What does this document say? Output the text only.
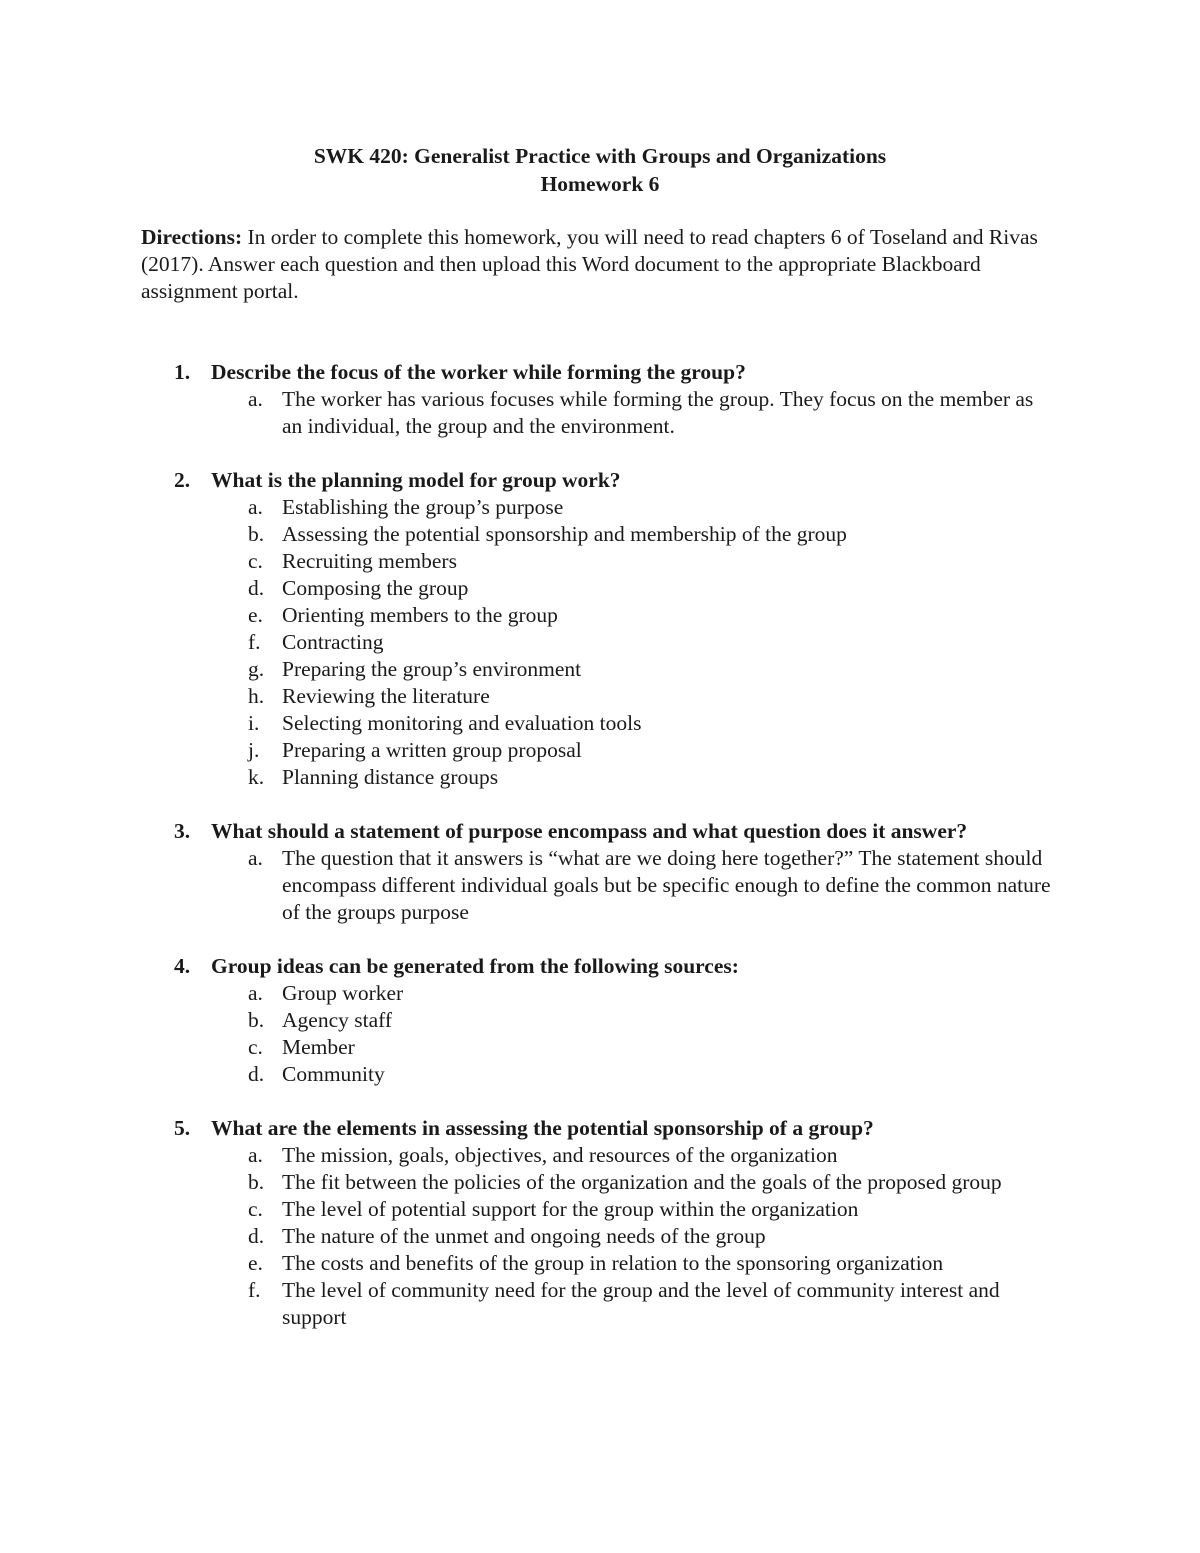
SWK 420: Generalist Practice with Groups and Organizations
Homework 6
Directions: In order to complete this homework, you will need to read chapters 6 of Toseland and Rivas (2017). Answer each question and then upload this Word document to the appropriate Blackboard assignment portal.
1. Describe the focus of the worker while forming the group?
a. The worker has various focuses while forming the group. They focus on the member as an individual, the group and the environment.
2. What is the planning model for group work?
a. Establishing the group’s purpose
b. Assessing the potential sponsorship and membership of the group
c. Recruiting members
d. Composing the group
e. Orienting members to the group
f. Contracting
g. Preparing the group’s environment
h. Reviewing the literature
i. Selecting monitoring and evaluation tools
j. Preparing a written group proposal
k. Planning distance groups
3. What should a statement of purpose encompass and what question does it answer?
a. The question that it answers is “what are we doing here together?” The statement should encompass different individual goals but be specific enough to define the common nature of the groups purpose
4. Group ideas can be generated from the following sources:
a. Group worker
b. Agency staff
c. Member
d. Community
5. What are the elements in assessing the potential sponsorship of a group?
a. The mission, goals, objectives, and resources of the organization
b. The fit between the policies of the organization and the goals of the proposed group
c. The level of potential support for the group within the organization
d. The nature of the unmet and ongoing needs of the group
e. The costs and benefits of the group in relation to the sponsoring organization
f. The level of community need for the group and the level of community interest and support
